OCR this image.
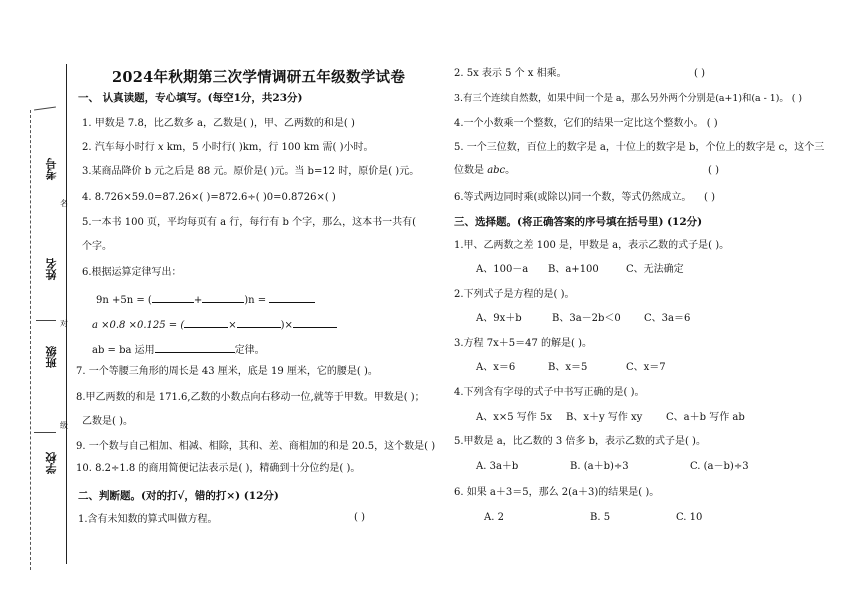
考号
姓名
班级
学校
名
对
级
2024年秋期第三次学情调研五年级数学试卷
一、 认真读题，专心填写。(每空1分，共23分)
1. 甲数是 7.8，比乙数多 a，乙数是( )，甲、乙两数的和是( )
2. 汽车每小时行 x km，5 小时行( )km，行 100 km 需( )小时。
3.某商品降价 b 元之后是 88 元。原价是( )元。当 b=12 时，原价是( )元。
4. 8.726×59.0=87.26×( )=872.6÷( )0=0.8726×( )
5.一本书 100 页，平均每页有 a 行，每行有 b 个字，那么，这本书一共有(
个字。
6.根据运算定律写出：
9n +5n = (	+	)n =
a ×0.8 ×0.125 = (	×	)×
ab = ba 运用	定律。
7. 一个等腰三角形的周长是 43 厘米，底是 19 厘米，它的腰是( )。
8.甲乙两数的和是 171.6,乙数的小数点向右移动一位,就等于甲数。甲数是( )；
乙数是( )。
9. 一个数与自己相加、相减、相除，其和、差、商相加的和是 20.5，这个数是( )
10. 8.2÷1.8 的商用简便记法表示是( )，精确到十分位约是( )。
二、判断题。(对的打√，错的打×) (12分)
1.含有未知数的算式叫做方程。	( )
2. 5x 表示 5 个 x 相乘。	( )
3.有三个连续自然数，如果中间一个是 a，那么另外两个分别是(a+1)和(a - 1)。 ( )
4.一个小数乘一个整数，它们的结果一定比这个整数小。 ( )
5. 一个三位数，百位上的数字是 a，十位上的数字是 b，个位上的数字是 c，这个三
位数是 abc。	( )
6.等式两边同时乘(或除以)同一个数，等式仍然成立。 ( )
三、选择题。(将正确答案的序号填在括号里) (12分)
1.甲、乙两数之差 100 是，甲数是 a，表示乙数的式子是( )。
A、100－a B、a+100	C、无法确定
2.下列式子是方程的是( )。
A、9x＋b	B、3a－2b＜0 C、3a＝6
3.方程 7x＋5＝47 的解是( )。
A、x＝6	B、x＝5	C、x＝7
4.下列含有字母的式子中书写正确的是( )。
A、x×5 写作 5x B、x＋y 写作 xy C、a＋b 写作 ab
5.甲数是 a，比乙数的 3 倍多 b，表示乙数的式子是( )。
A. 3a＋b	B. (a＋b)÷3	C. (a－b)÷3
6. 如果 a＋3＝5，那么 2(a＋3)的结果是( )。
A. 2	B. 5	C. 10
